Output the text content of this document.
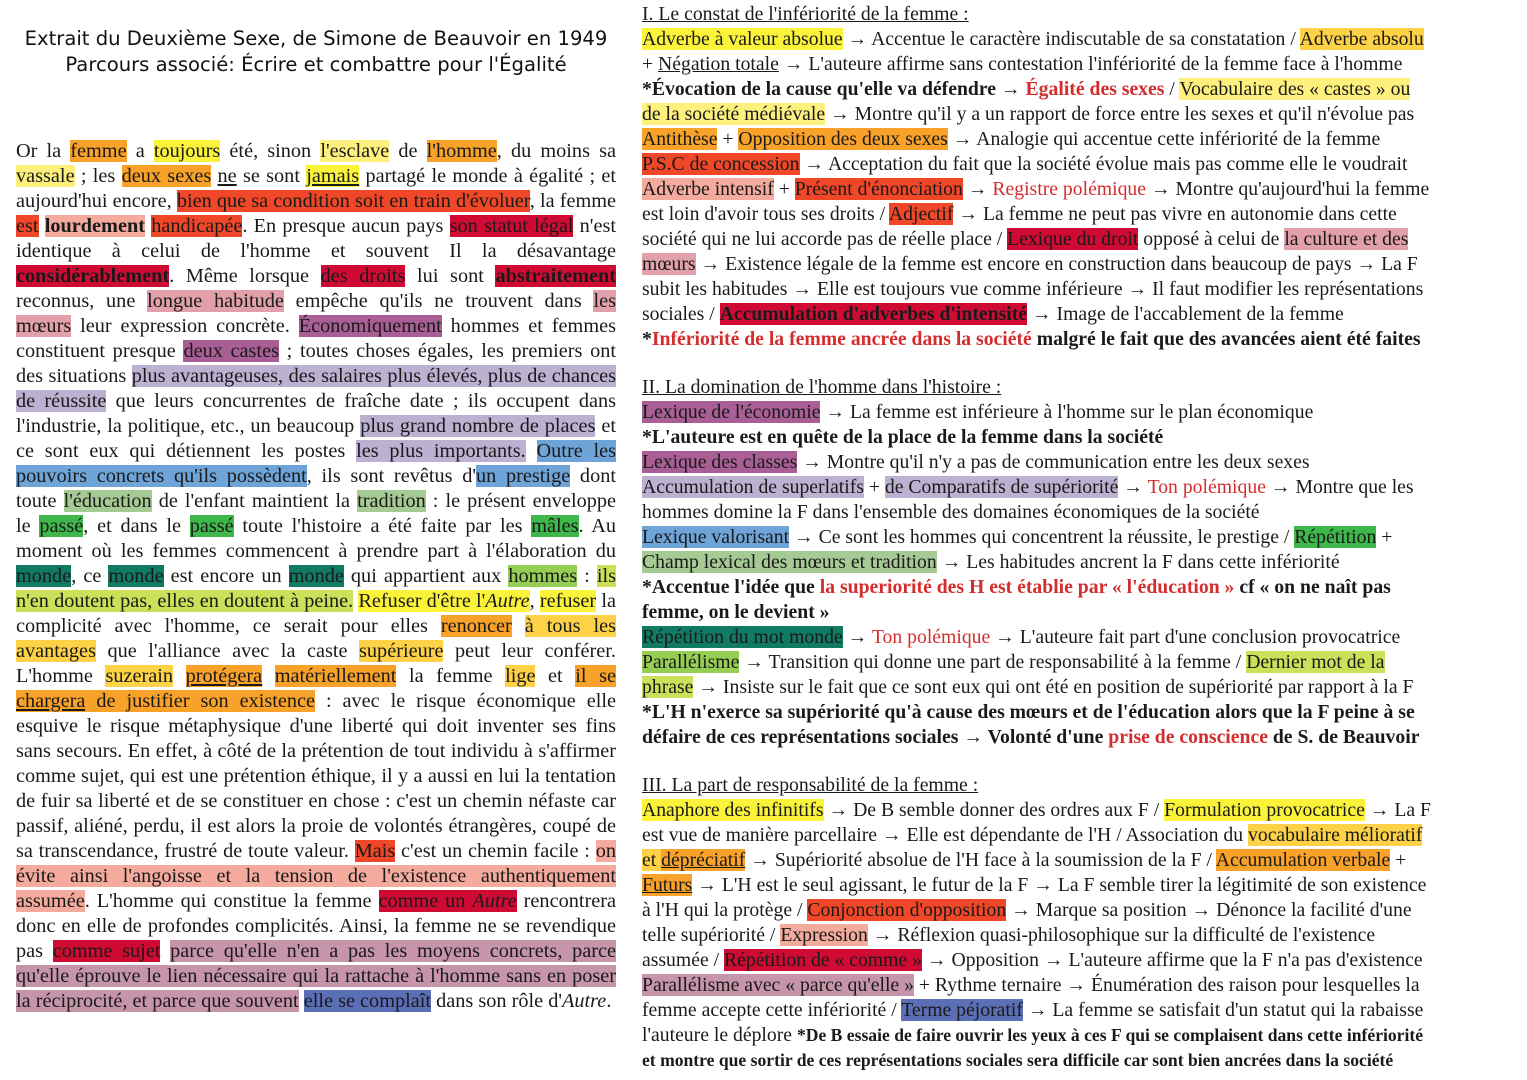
Extrait du Deuxième Sexe, de Simone de Beauvoir en 1949

Parcours associé: Écrire et combattre pour l'Égalité

Or la femme a toujours été, sinon l'esclave de l'homme, du moins sa vassale ; les deux sexes ne se sont jamais partagé le monde à égalité ; et aujourd'hui encore, bien que sa condition soit en train d'évoluer, la femme est lourdement handicapée. En presque aucun pays son statut légal n'est identique à celui de l'homme et souvent Il la désavantage considérablement. Même lorsque des droits lui sont abstraitement reconnus, une longue habitude empêche qu'ils ne trouvent dans les mœurs leur expression concrète. Économiquement hommes et femmes constituent presque deux castes ; toutes choses égales, les premiers ont des situations plus avantageuses, des salaires plus élevés, plus de chances de réussite que leurs concurrentes de fraîche date ; ils occupent dans l'industrie, la politique, etc., un beaucoup plus grand nombre de places et ce sont eux qui détiennent les postes les plus importants. Outre les pouvoirs concrets qu'ils possèdent, ils sont revêtus d'un prestige dont toute l'éducation de l'enfant maintient la tradition : le présent enveloppe le passé, et dans le passé toute l'histoire a été faite par les mâles. Au moment où les femmes commencent à prendre part à l'élaboration du monde, ce monde est encore un monde qui appartient aux hommes : ils n'en doutent pas, elles en doutent à peine. Refuser d'être l'Autre, refuser la complicité avec l'homme, ce serait pour elles renoncer à tous les avantages que l'alliance avec la caste supérieure peut leur conférer. L'homme suzerain protégera matériellement la femme lige et il se chargera de justifier son existence : avec le risque économique elle esquive le risque métaphysique d'une liberté qui doit inventer ses fins sans secours. En effet, à côté de la prétention de tout individu à s'affirmer comme sujet, qui est une prétention éthique, il y a aussi en lui la tentation de fuir sa liberté et de se constituer en chose : c'est un chemin néfaste car passif, aliéné, perdu, il est alors la proie de volontés étrangères, coupé de sa transcendance, frustré de toute valeur. Mais c'est un chemin facile : on évite ainsi l'angoisse et la tension de l'existence authentiquement assumée. L'homme qui constitue la femme comme un Autre rencontrera donc en elle de profondes complicités. Ainsi, la femme ne se revendique pas comme sujet parce qu'elle n'en a pas les moyens concrets, parce qu'elle éprouve le lien nécessaire qui la rattache à l'homme sans en poser la réciprocité, et parce que souvent elle se complaît dans son rôle d'Autre.

I. Le constat de l'infériorité de la femme :
Adverbe à valeur absolue → Accentue le caractère indiscutable de sa constatation / Adverbe absolu
+ Négation totale → L'auteure affirme sans contestation l'infériorité de la femme face à l'homme
*Évocation de la cause qu'elle va défendre → Égalité des sexes / Vocabulaire des « castes » ou
de la société médiévale → Montre qu'il y a un rapport de force entre les sexes et qu'il n'évolue pas
Antithèse + Opposition des deux sexes → Analogie qui accentue cette infériorité de la femme
P.S.C de concession → Acceptation du fait que la société évolue mais pas comme elle le voudrait
Adverbe intensif + Présent d'énonciation → Registre polémique → Montre qu'aujourd'hui la femme
est loin d'avoir tous ses droits / Adjectif → La femme ne peut pas vivre en autonomie dans cette
société qui ne lui accorde pas de réelle place / Lexique du droit opposé à celui de la culture et des
mœurs → Existence légale de la femme est encore en construction dans beaucoup de pays → La F
subit les habitudes → Elle est toujours vue comme inférieure → Il faut modifier les représentations
sociales / Accumulation d'adverbes d'intensité → Image de l'accablement de la femme
*Infériorité de la femme ancrée dans la société malgré le fait que des avancées aient été faites
II. La domination de l'homme dans l'histoire :
Lexique de l'économie → La femme est inférieure à l'homme sur le plan économique
*L'auteure est en quête de la place de la femme dans la société
Lexique des classes → Montre qu'il n'y a pas de communication entre les deux sexes
Accumulation de superlatifs + de Comparatifs de supériorité → Ton polémique → Montre que les
hommes domine la F dans l'ensemble des domaines économiques de la société
Lexique valorisant → Ce sont les hommes qui concentrent la réussite, le prestige / Répétition +
Champ lexical des mœurs et tradition → Les habitudes ancrent la F dans cette infériorité
*Accentue l'idée que la superiorité des H est établie par « l'éducation » cf « on ne naît pas
femme, on le devient »
Répétition du mot monde → Ton polémique → L'auteure fait part d'une conclusion provocatrice
Parallélisme → Transition qui donne une part de responsabilité à la femme / Dernier mot de la
phrase → Insiste sur le fait que ce sont eux qui ont été en position de supériorité par rapport à la F
*L'H n'exerce sa supériorité qu'à cause des mœurs et de l'éducation alors que la F peine à se
défaire de ces représentations sociales → Volonté d'une prise de conscience de S. de Beauvoir
III. La part de responsabilité de la femme :
Anaphore des infinitifs → De B semble donner des ordres aux F / Formulation provocatrice → La F
est vue de manière parcellaire → Elle est dépendante de l'H / Association du vocabulaire mélioratif
et dépréciatif → Supériorité absolue de l'H face à la soumission de la F / Accumulation verbale +
Futurs → L'H est le seul agissant, le futur de la F → La F semble tirer la légitimité de son existence
à l'H qui la protège / Conjonction d'opposition → Marque sa position → Dénonce la facilité d'une
telle supériorité / Expression → Réflexion quasi-philosophique sur la difficulté de l'existence
assumée / Répétition de « comme » → Opposition → L'auteure affirme que la F n'a pas d'existence
Parallélisme avec « parce qu'elle » + Rythme ternaire → Énumération des raison pour lesquelles la
femme accepte cette infériorité / Terme péjoratif → La femme se satisfait d'un statut qui la rabaisse
l'auteure le déplore *De B essaie de faire ouvrir les yeux à ces F qui se complaisent dans cette infériorité
et montre que sortir de ces représentations sociales sera difficile car sont bien ancrées dans la société
